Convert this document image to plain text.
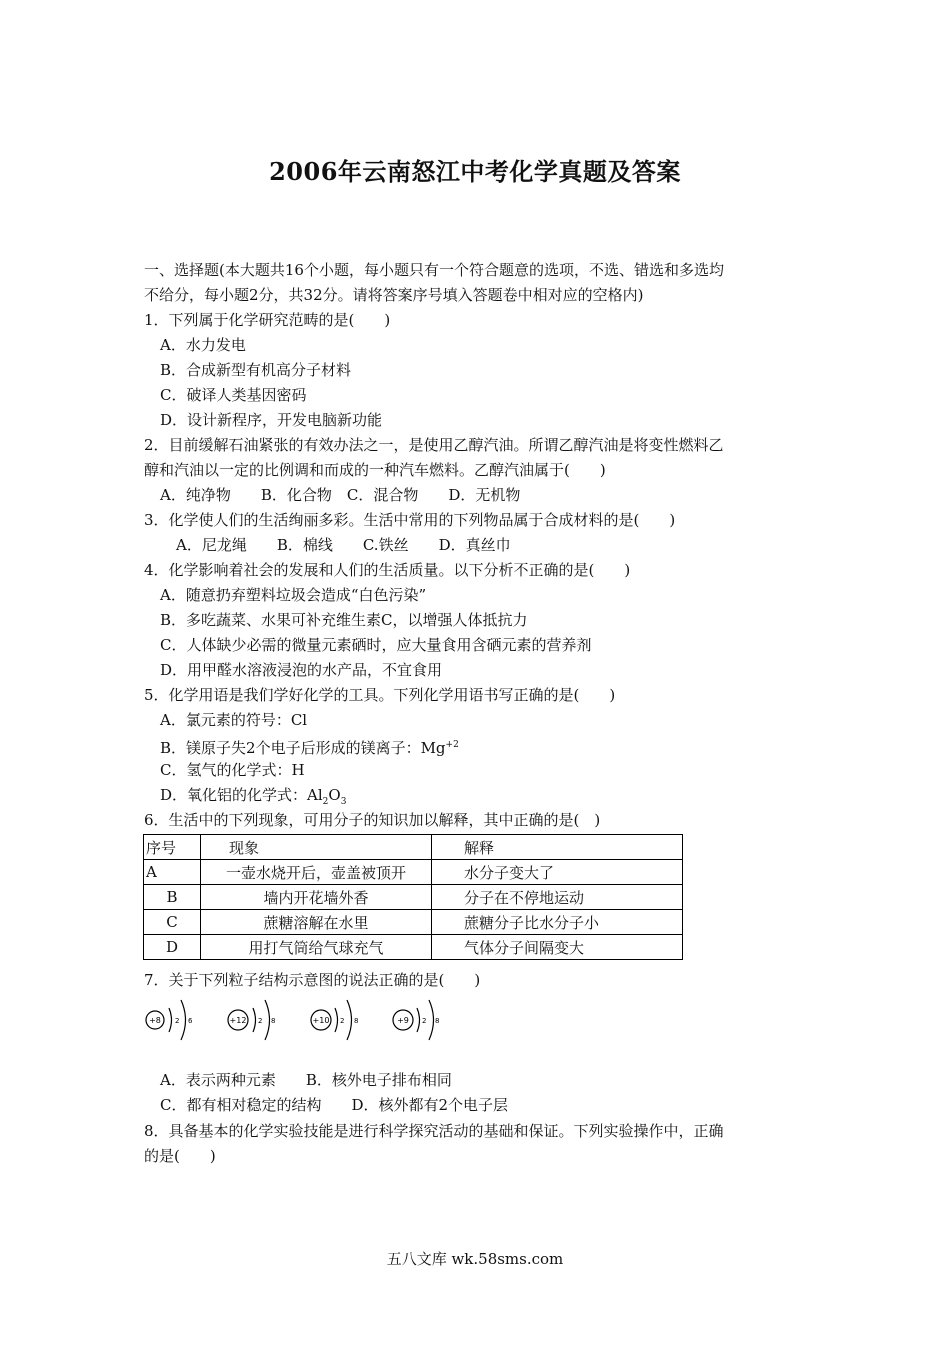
2006年云南怒江中考化学真题及答案
一、选择题(本大题共16个小题，每小题只有一个符合题意的选项，不选、错选和多选均
不给分，每小题2分，共32分。请将答案序号填入答题卷中相对应的空格内)
1．下列属于化学研究范畴的是(　　)
A．水力发电
B．合成新型有机高分子材料
C．破译人类基因密码
D．设计新程序，开发电脑新功能
2．目前缓解石油紧张的有效办法之一，是使用乙醇汽油。所谓乙醇汽油是将变性燃料乙
醇和汽油以一定的比例调和而成的一种汽车燃料。乙醇汽油属于(　　)
A．纯净物　　B．化合物　C．混合物　　D．无机物
3．化学使人们的生活绚丽多彩。生活中常用的下列物品属于合成材料的是(　　)
A．尼龙绳　　B．棉线　　C.铁丝　　D．真丝巾
4．化学影响着社会的发展和人们的生活质量。以下分析不正确的是(　　)
A．随意扔弃塑料垃圾会造成“白色污染”
B．多吃蔬菜、水果可补充维生素C，以增强人体抵抗力
C．人体缺少必需的微量元素硒时，应大量食用含硒元素的营养剂
D．用甲醛水溶液浸泡的水产品，不宜食用
5．化学用语是我们学好化学的工具。下列化学用语书写正确的是(　　)
A．氯元素的符号：Cl
B．镁原子失2个电子后形成的镁离子：$Mg^{+2}$
C．氢气的化学式：H
D．氧化铝的化学式：$Al_2O_3$
6．生活中的下列现象，可用分子的知识加以解释，其中正确的是(　)
序号	现象	解释
A	一壶水烧开后，壶盖被顶开	水分子变大了
B	墙内开花墙外香	分子在不停地运动
C	蔗糖溶解在水里	蔗糖分子比水分子小
D	用打气筒给气球充气	气体分子间隔变大
7．关于下列粒子结构示意图的说法正确的是(　　)
+8 2 6	+12 2 8	+10 2 8	+9 2 8
A．表示两种元素　　B．核外电子排布相同
C．都有相对稳定的结构　　D．核外都有2个电子层
8．具备基本的化学实验技能是进行科学探究活动的基础和保证。下列实验操作中，正确
的是(　　)
五八文库 wk.58sms.com
